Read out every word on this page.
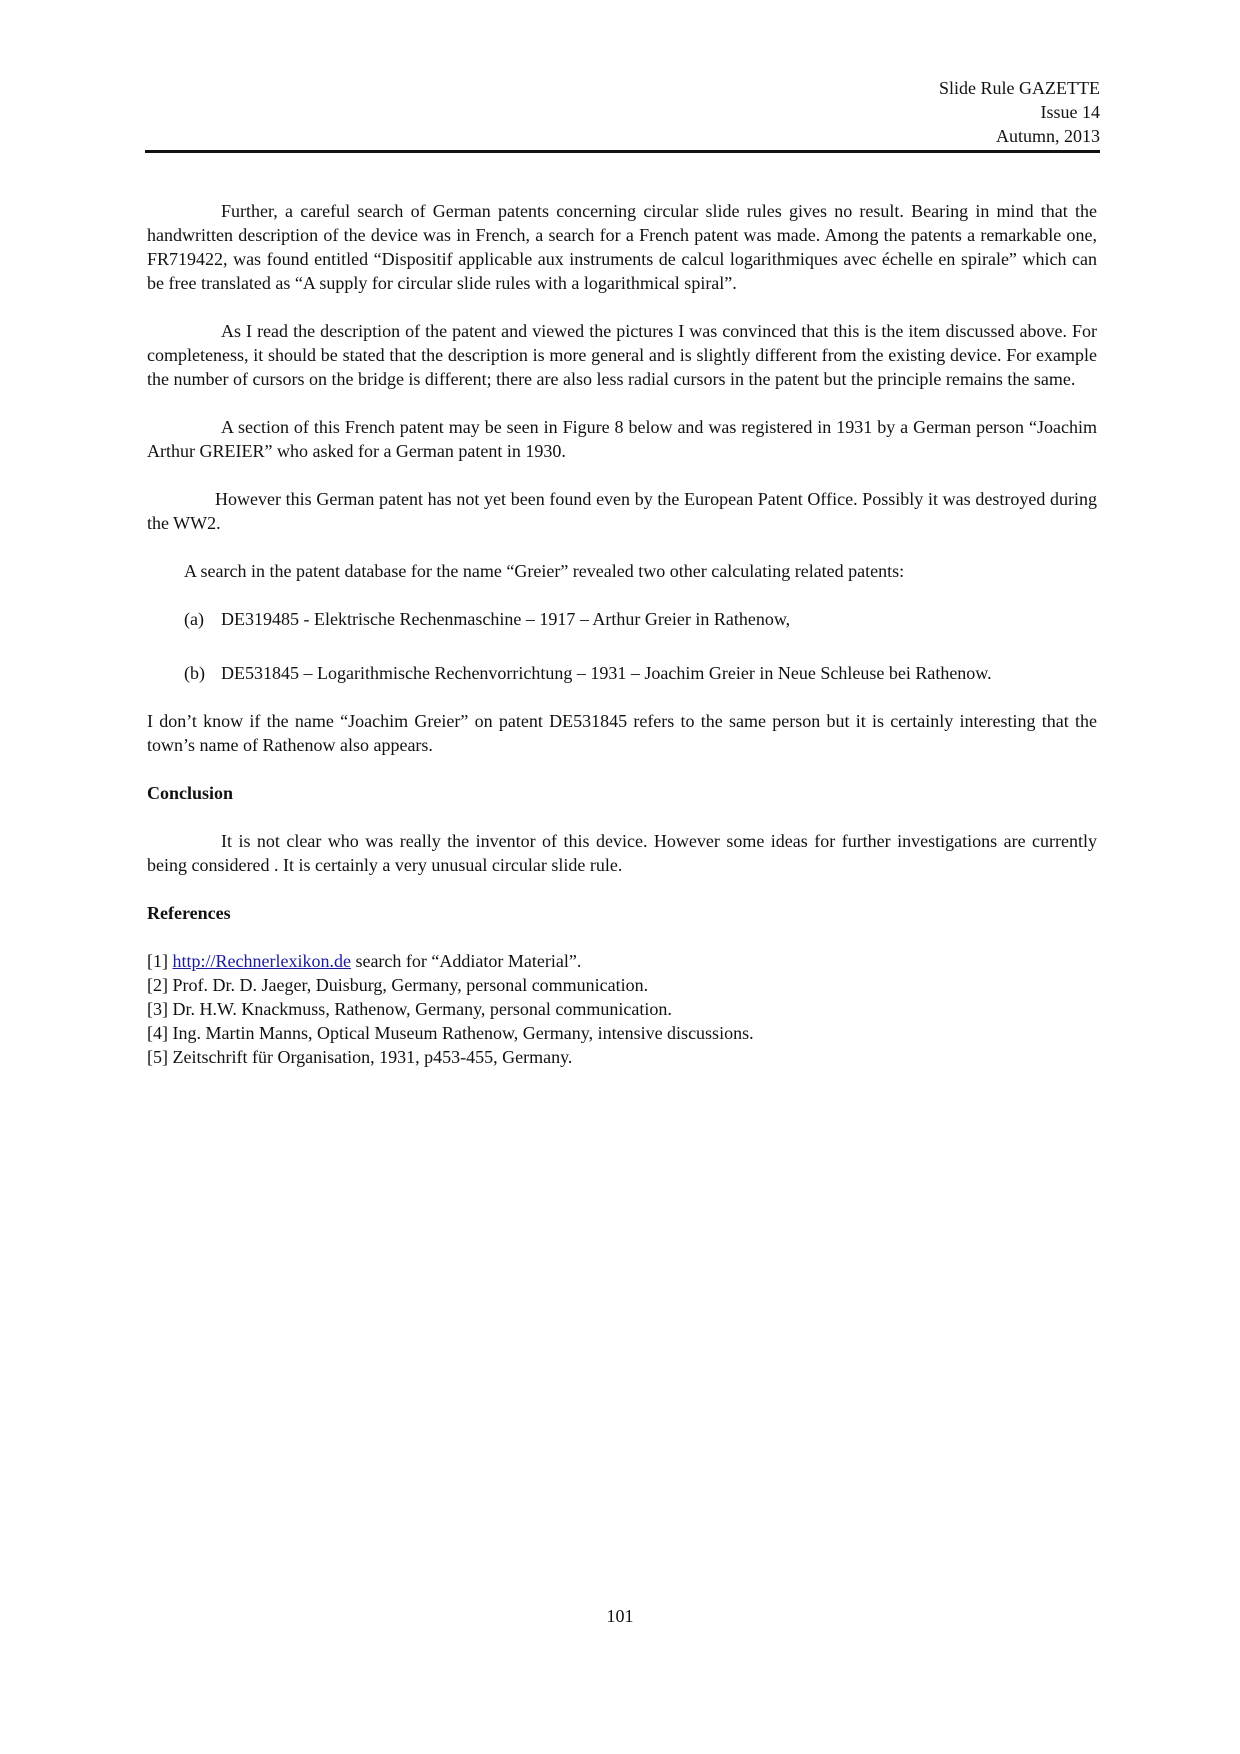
Slide Rule GAZETTE
Issue 14
Autumn, 2013

Further, a careful search of German patents concerning circular slide rules gives no result. Bearing in mind that the handwritten description of the device was in French, a search for a French patent was made. Among the patents a remarkable one, FR719422, was found entitled “Dispositif applicable aux instruments de calcul logarithmiques avec échelle en spirale” which can be free translated as “A supply for circular slide rules with a logarithmical spiral”.

As I read the description of the patent and viewed the pictures I was convinced that this is the item discussed above. For completeness, it should be stated that the description is more general and is slightly different from the existing device. For example the number of cursors on the bridge is different; there are also less radial cursors in the patent but the principle remains the same.

A section of this French patent may be seen in Figure 8 below and was registered in 1931 by a German person “Joachim Arthur GREIER” who asked for a German patent in 1930.

However this German patent has not yet been found even by the European Patent Office. Possibly it was destroyed during the WW2.

A search in the patent database for the name “Greier” revealed two other calculating related patents:

(a) DE319485 - Elektrische Rechenmaschine – 1917 – Arthur Greier in Rathenow,
(b) DE531845 – Logarithmische Rechenvorrichtung – 1931 – Joachim Greier in Neue Schleuse bei Rathenow.

I don’t know if the name “Joachim Greier” on patent DE531845 refers to the same person but it is certainly interesting that the town’s name of Rathenow also appears.

Conclusion

It is not clear who was really the inventor of this device. However some ideas for further investigations are currently being considered . It is certainly a very unusual circular slide rule.

References

[1] http://Rechnerlexikon.de search for “Addiator Material”.
[2] Prof. Dr. D. Jaeger, Duisburg, Germany, personal communication.
[3] Dr. H.W. Knackmuss, Rathenow, Germany, personal communication.
[4] Ing. Martin Manns, Optical Museum Rathenow, Germany, intensive discussions.
[5] Zeitschrift für Organisation, 1931, p453-455, Germany.
101
